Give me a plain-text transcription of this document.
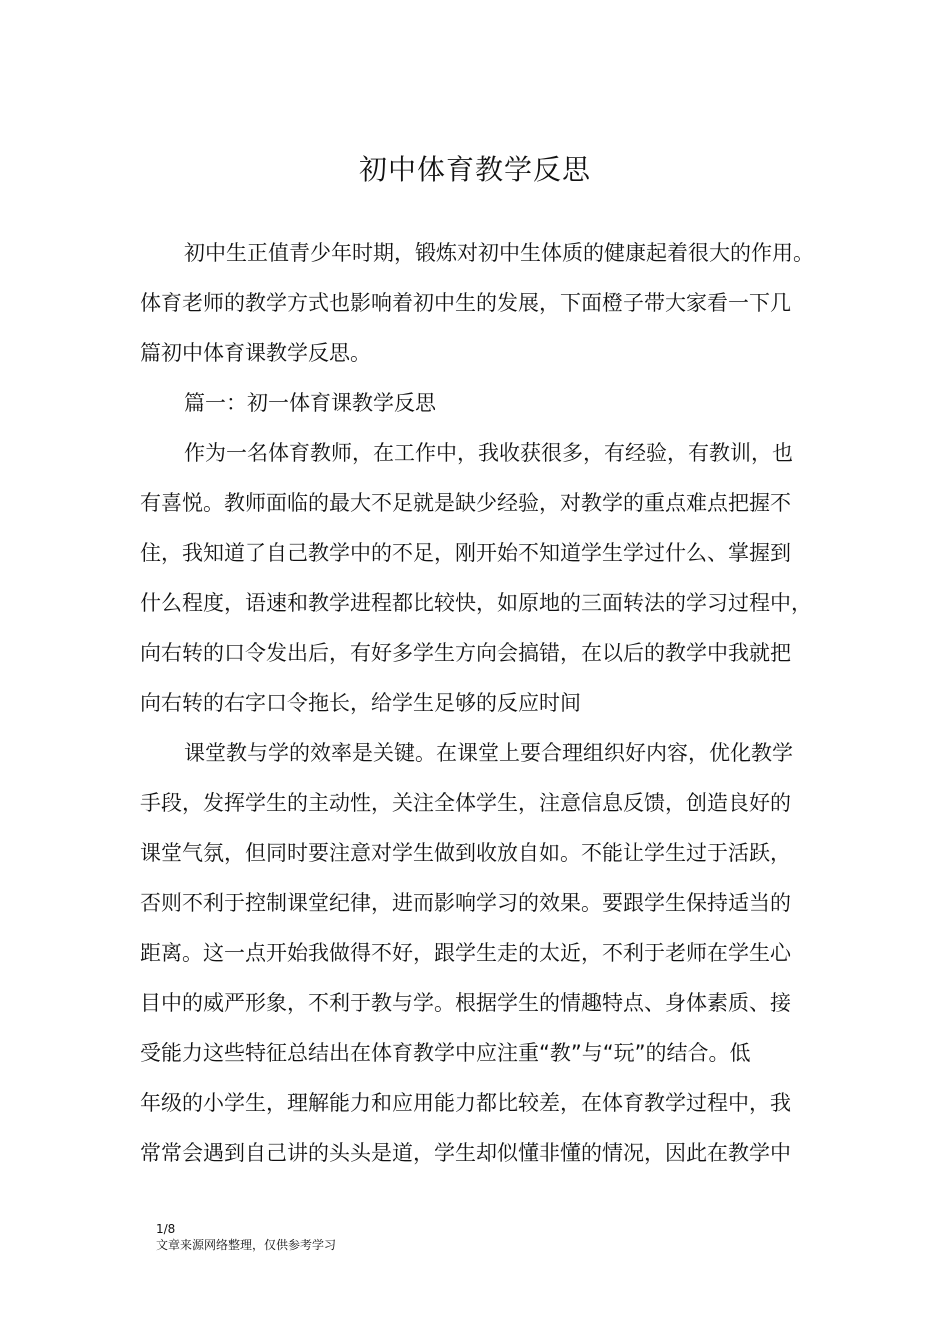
初中体育教学反思

初中生正值青少年时期，锻炼对初中生体质的健康起着很大的作用。
体育老师的教学方式也影响着初中生的发展，下面橙子带大家看一下几
篇初中体育课教学反思。

篇一：初一体育课教学反思

作为一名体育教师，在工作中，我收获很多，有经验，有教训，也
有喜悦。教师面临的最大不足就是缺少经验，对教学的重点难点把握不
住，我知道了自己教学中的不足，刚开始不知道学生学过什么、掌握到
什么程度，语速和教学进程都比较快，如原地的三面转法的学习过程中，
向右转的口令发出后，有好多学生方向会搞错，在以后的教学中我就把
向右转的右字口令拖长，给学生足够的反应时间

课堂教与学的效率是关键。在课堂上要合理组织好内容，优化教学
手段，发挥学生的主动性，关注全体学生，注意信息反馈，创造良好的
课堂气氛，但同时要注意对学生做到收放自如。不能让学生过于活跃，
否则不利于控制课堂纪律，进而影响学习的效果。要跟学生保持适当的
距离。这一点开始我做得不好，跟学生走的太近，不利于老师在学生心
目中的威严形象，不利于教与学。根据学生的情趣特点、身体素质、接
受能力这些特征总结出在体育教学中应注重“教”与“玩”的结合。低
年级的小学生，理解能力和应用能力都比较差，在体育教学过程中，我
常常会遇到自己讲的头头是道，学生却似懂非懂的情况，因此在教学中

1/8
文章来源网络整理，仅供参考学习
